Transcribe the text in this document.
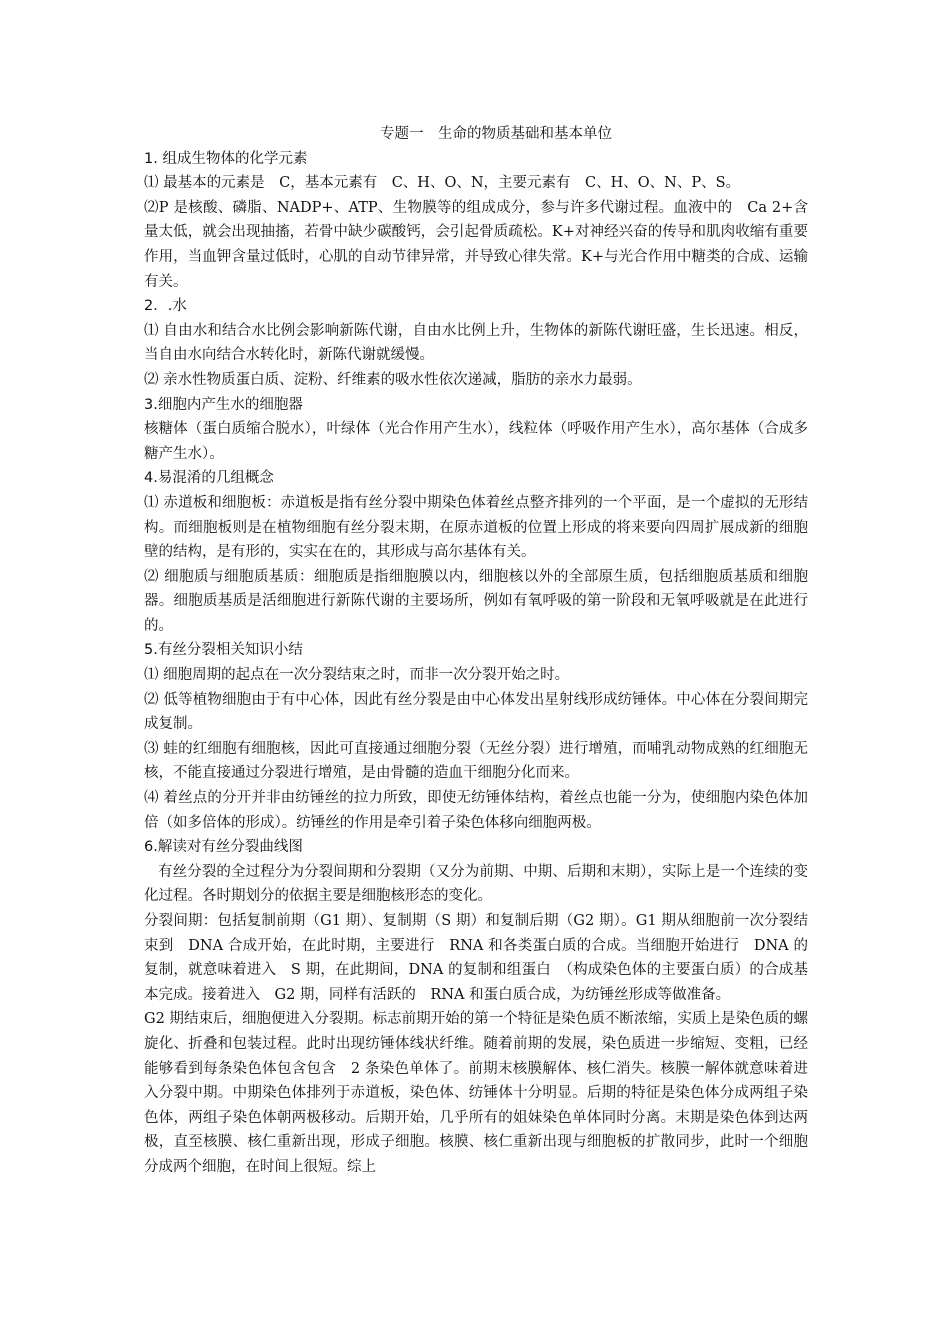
专题一　生命的物质基础和基本单位

1. 组成生物体的化学元素

⑴ 最基本的元素是　C，基本元素有　C、H、O、N，主要元素有　C、H、O、N、P、S。

⑵P 是核酸、磷脂、NADP+、ATP、生物膜等的组成成分，参与许多代谢过程。血液中的　Ca 2+含量太低，就会出现抽搐，若骨中缺少碳酸钙，会引起骨质疏松。K+对神经兴奋的传导和肌肉收缩有重要作用，当血钾含量过低时，心肌的自动节律异常，并导致心律失常。K+与光合作用中糖类的合成、运输有关。

2．.水

⑴ 自由水和结合水比例会影响新陈代谢，自由水比例上升，生物体的新陈代谢旺盛，生长迅速。相反，当自由水向结合水转化时，新陈代谢就缓慢。

⑵ 亲水性物质蛋白质、淀粉、纤维素的吸水性依次递减，脂肪的亲水力最弱。

3.细胞内产生水的细胞器

核糖体（蛋白质缩合脱水），叶绿体（光合作用产生水），线粒体（呼吸作用产生水），高尔基体（合成多糖产生水）。

4.易混淆的几组概念

⑴ 赤道板和细胞板：赤道板是指有丝分裂中期染色体着丝点整齐排列的一个平面，是一个虚拟的无形结构。而细胞板则是在植物细胞有丝分裂末期，在原赤道板的位置上形成的将来要向四周扩展成新的细胞壁的结构，是有形的，实实在在的，其形成与高尔基体有关。

⑵ 细胞质与细胞质基质：细胞质是指细胞膜以内，细胞核以外的全部原生质，包括细胞质基质和细胞器。细胞质基质是活细胞进行新陈代谢的主要场所，例如有氧呼吸的第一阶段和无氧呼吸就是在此进行的。

5.有丝分裂相关知识小结

⑴ 细胞周期的起点在一次分裂结束之时，而非一次分裂开始之时。

⑵ 低等植物细胞由于有中心体，因此有丝分裂是由中心体发出星射线形成纺锤体。中心体在分裂间期完成复制。

⑶ 蛙的红细胞有细胞核，因此可直接通过细胞分裂（无丝分裂）进行增殖，而哺乳动物成熟的红细胞无核，不能直接通过分裂进行增殖，是由骨髓的造血干细胞分化而来。

⑷ 着丝点的分开并非由纺锤丝的拉力所致，即使无纺锤体结构，着丝点也能一分为，使细胞内染色体加倍（如多倍体的形成）。纺锤丝的作用是牵引着子染色体移向细胞两极。

6.解读对有丝分裂曲线图

有丝分裂的全过程分为分裂间期和分裂期（又分为前期、中期、后期和末期），实际上是一个连续的变化过程。各时期划分的依据主要是细胞核形态的变化。

分裂间期：包括复制前期（G1 期）、复制期（S 期）和复制后期（G2 期）。G1 期从细胞前一次分裂结束到　DNA 合成开始，在此时期，主要进行　RNA 和各类蛋白质的合成。当细胞开始进行　DNA 的复制，就意味着进入　S 期，在此期间，DNA 的复制和组蛋白　（构成染色体的主要蛋白质）的合成基本完成。接着进入　G2 期，同样有活跃的　RNA 和蛋白质合成，为纺锤丝形成等做准备。

G2 期结束后，细胞便进入分裂期。标志前期开始的第一个特征是染色质不断浓缩，实质上是染色质的螺旋化、折叠和包装过程。此时出现纺锤体线状纤维。随着前期的发展，染色质进一步缩短、变粗，已经能够看到每条染色体包含包含　2 条染色单体了。前期末核膜解体、核仁消失。核膜一解体就意味着进入分裂中期。中期染色体排列于赤道板，染色体、纺锤体十分明显。后期的特征是染色体分成两组子染色体，两组子染色体朝两极移动。后期开始，几乎所有的姐妹染色单体同时分离。末期是染色体到达两极，直至核膜、核仁重新出现，形成子细胞。核膜、核仁重新出现与细胞板的扩散同步，此时一个细胞分成两个细胞，在时间上很短。综上
